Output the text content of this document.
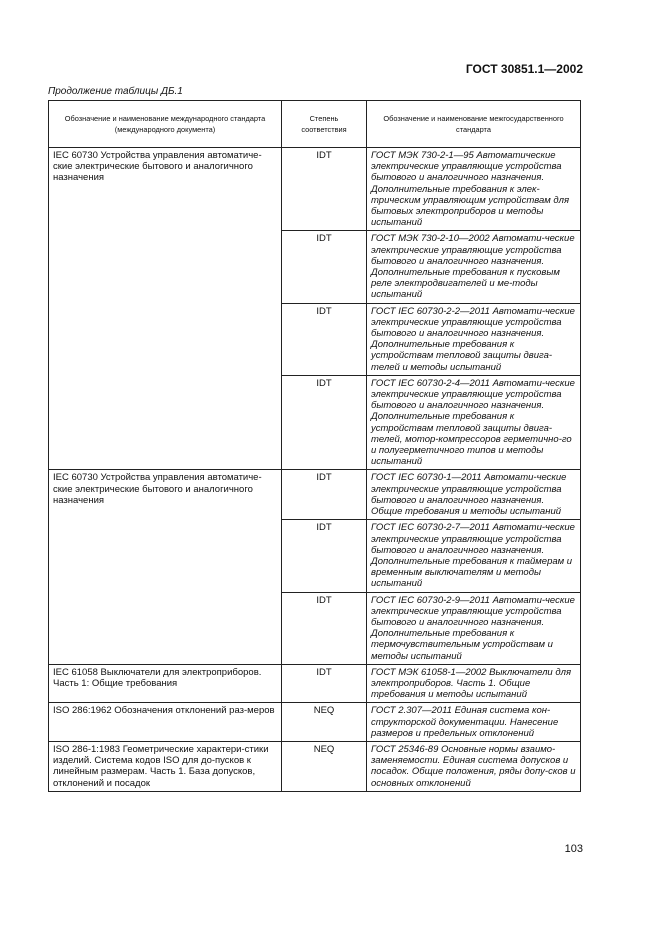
ГОСТ 30851.1—2002
Продолжение таблицы ДБ.1
Обозначение и наименование международного стандарта (международного документа)	Степень соответствия	Обозначение и наименование межгосударственного стандарта
IEC 60730 Устройства управления автоматиче-ские электрические бытового и аналогичного назначения	IDT	ГОСТ МЭК 730-2-1—95 Автоматические электрические управляющие устройства бытового и аналогичного назначения. Дополнительные требования к элек-трическим управляющим устройствам для бытовых электроприборов и методы испытаний
	IDT	ГОСТ МЭК 730-2-10—2002 Автомати-ческие электрические управляющие устройства бытового и аналогичного назначения. Дополнительные требования к пусковым реле электродвигателей и ме-тоды испытаний
	IDT	ГОСТ IEC 60730-2-2—2011 Автомати-ческие электрические управляющие устройства бытового и аналогичного назначения. Дополнительные требования к устройствам тепловой защиты двига-телей и методы испытаний
	IDT	ГОСТ IEC 60730-2-4—2011 Автомати-ческие электрические управляющие устройства бытового и аналогичного назначения. Дополнительные требования к устройствам тепловой защиты двига-телей, мотор-компрессоров герметично-го и полугерметичного типов и методы испытаний
IEC 60730 Устройства управления автоматиче-ские электрические бытового и аналогичного назначения	IDT	ГОСТ IEC 60730-1—2011 Автомати-ческие электрические управляющие устройства бытового и аналогичного назначения. Общие требования и методы испытаний
	IDT	ГОСТ IEC 60730-2-7—2011 Автомати-ческие электрические управляющие устройства бытового и аналогичного назначения. Дополнительные требования к таймерам и временным выключателям и методы испытаний
	IDT	ГОСТ IEC 60730-2-9—2011 Автомати-ческие электрические управляющие устройства бытового и аналогичного назначения. Дополнительные требования к термочувствительным устройствам и методы испытаний
IEC 61058 Выключатели для электроприборов. Часть 1: Общие требования	IDT	ГОСТ МЭК 61058-1—2002 Выключатели для электроприборов. Часть 1. Общие требования и методы испытаний
ISO 286:1962 Обозначения отклонений раз-меров	NEQ	ГОСТ 2.307—2011 Единая система кон-структорской документации. Нанесение размеров и предельных отклонений
ISO 286-1:1983 Геометрические характери-стики изделий. Система кодов ISO для до-пусков к линейным размерам. Часть 1. База допусков, отклонений и посадок	NEQ	ГОСТ 25346-89 Основные нормы взаимо-заменяемости. Единая система допусков и посадок. Общие положения, ряды допу-сков и основных отклонений
103
